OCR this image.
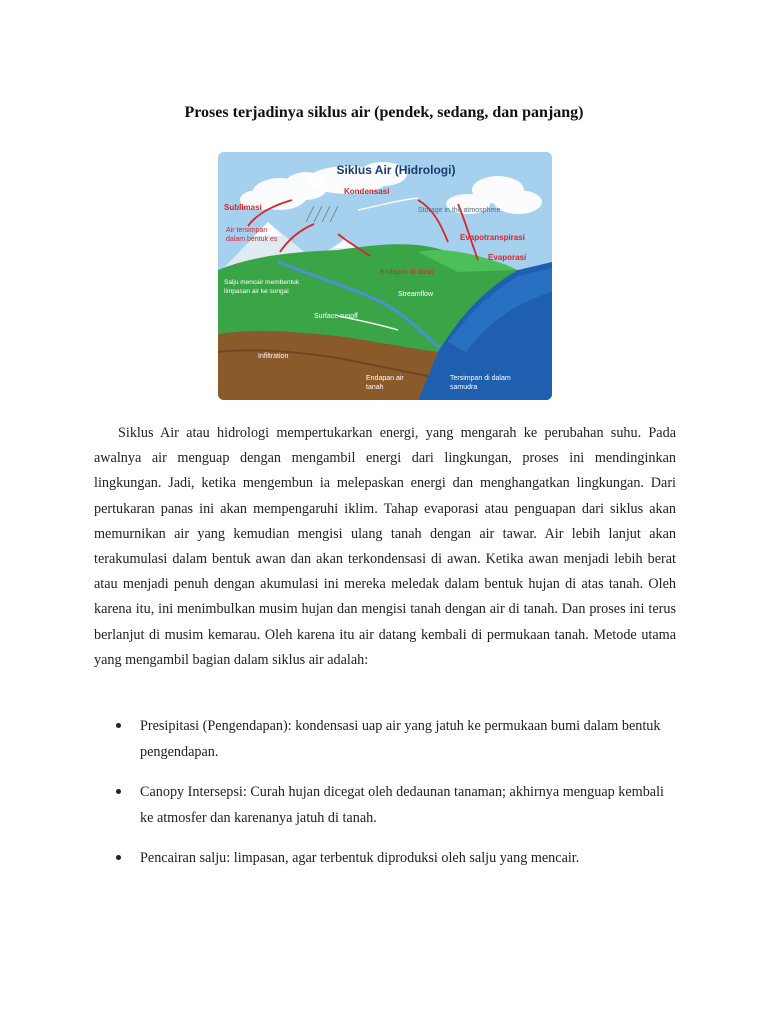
Proses terjadinya siklus air (pendek, sedang, dan panjang)
Siklus Air (Hidrologi)
Kondensasi
Sublimasi	Storage in the atmosphere
Air tersimpan
dalam bentuk es	Evapotranspirasi
Evaporasi
Endapan di darat
Salju mencair membentuk
limpasan air ke sungai	Streamflow
Surface runoff
Infiltration
Endapan air
tanah
Tersimpan di dalam
samudra

Siklus Air atau hidrologi mempertukarkan energi, yang mengarah ke perubahan suhu. Pada awalnya air menguap dengan mengambil energi dari lingkungan, proses ini mendinginkan lingkungan. Jadi, ketika mengembun ia melepaskan energi dan menghangatkan lingkungan. Dari pertukaran panas ini akan mempengaruhi iklim. Tahap evaporasi atau penguapan dari siklus akan memurnikan air yang kemudian mengisi ulang tanah dengan air tawar. Air lebih lanjut akan terakumulasi dalam bentuk awan dan akan terkondensasi di awan. Ketika awan menjadi lebih berat atau menjadi penuh dengan akumulasi ini mereka meledak dalam bentuk hujan di atas tanah. Oleh karena itu, ini menimbulkan musim hujan dan mengisi tanah dengan air di tanah. Dan proses ini terus berlanjut di musim kemarau. Oleh karena itu air datang kembali di permukaan tanah. Metode utama yang mengambil bagian dalam siklus air adalah:

Presipitasi (Pengendapan): kondensasi uap air yang jatuh ke permukaan bumi dalam bentuk pengendapan.
Canopy Intersepsi: Curah hujan dicegat oleh dedaunan tanaman; akhirnya menguap kembali ke atmosfer dan karenanya jatuh di tanah.
Pencairan salju: limpasan, agar terbentuk diproduksi oleh salju yang mencair.
